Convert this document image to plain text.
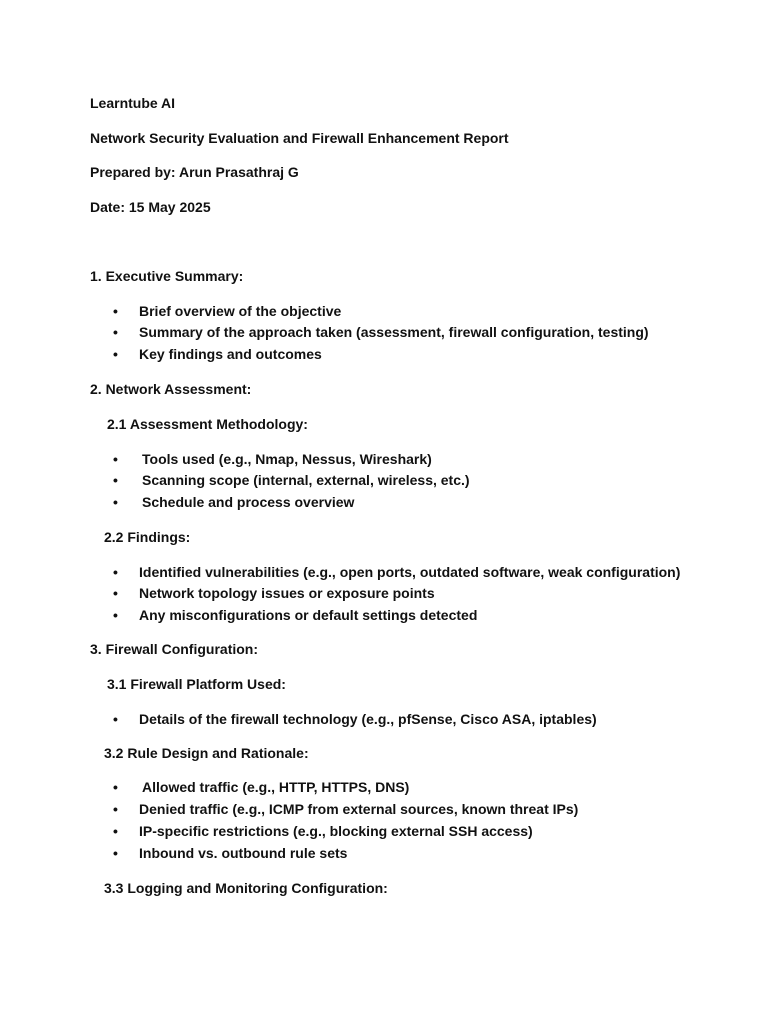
Learntube AI
Network Security Evaluation and Firewall Enhancement Report
Prepared by: Arun Prasathraj G
Date: 15 May 2025
1. Executive Summary:
• Brief overview of the objective
• Summary of the approach taken (assessment, firewall configuration, testing)
• Key findings and outcomes
2. Network Assessment:
2.1 Assessment Methodology:
• Tools used (e.g., Nmap, Nessus, Wireshark)
• Scanning scope (internal, external, wireless, etc.)
• Schedule and process overview
2.2 Findings:
• Identified vulnerabilities (e.g., open ports, outdated software, weak configuration)
• Network topology issues or exposure points
• Any misconfigurations or default settings detected
3. Firewall Configuration:
3.1 Firewall Platform Used:
• Details of the firewall technology (e.g., pfSense, Cisco ASA, iptables)
3.2 Rule Design and Rationale:
• Allowed traffic (e.g., HTTP, HTTPS, DNS)
• Denied traffic (e.g., ICMP from external sources, known threat IPs)
• IP-specific restrictions (e.g., blocking external SSH access)
• Inbound vs. outbound rule sets
3.3 Logging and Monitoring Configuration:
